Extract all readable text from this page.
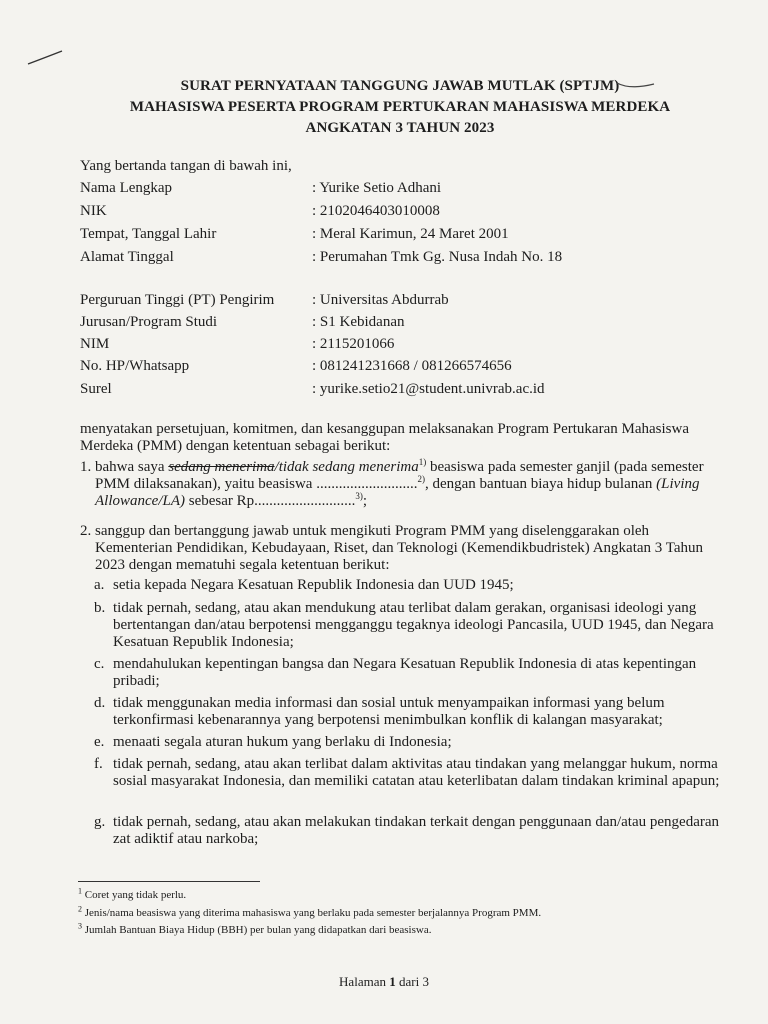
SURAT PERNYATAAN TANGGUNG JAWAB MUTLAK (SPTJM)
MAHASISWA PESERTA PROGRAM PERTUKARAN MAHASISWA MERDEKA
ANGKATAN 3 TAHUN 2023
Yang bertanda tangan di bawah ini,
Nama Lengkap	: Yurike Setio Adhani
NIK	: 2102046403010008
Tempat, Tanggal Lahir	: Meral Karimun, 24 Maret 2001
Alamat Tinggal	: Perumahan Tmk Gg. Nusa Indah No. 18
Perguruan Tinggi (PT) Pengirim	: Universitas Abdurrab
Jurusan/Program Studi	: S1 Kebidanan
NIM	: 2115201066
No. HP/Whatsapp	: 081241231668 / 081266574656
Surel	: yurike.setio21@student.univrab.ac.id
menyatakan persetujuan, komitmen, dan kesanggupan melaksanakan Program Pertukaran Mahasiswa Merdeka (PMM) dengan ketentuan sebagai berikut:
1. bahwa saya sedang menerima/tidak sedang menerima$^{1)}$ beasiswa pada semester ganjil (pada semester PMM dilaksanakan), yaitu beasiswa ...........................$^{2)}$, dengan bantuan biaya hidup bulanan (Living Allowance/LA) sebesar Rp...........................$^{3)}$;
2. sanggup dan bertanggung jawab untuk mengikuti Program PMM yang diselenggarakan oleh Kementerian Pendidikan, Kebudayaan, Riset, dan Teknologi (Kemendikbudristek) Angkatan 3 Tahun 2023 dengan mematuhi segala ketentuan berikut:
a. setia kepada Negara Kesatuan Republik Indonesia dan UUD 1945;
b. tidak pernah, sedang, atau akan mendukung atau terlibat dalam gerakan, organisasi ideologi yang bertentangan dan/atau berpotensi mengganggu tegaknya ideologi Pancasila, UUD 1945, dan Negara Kesatuan Republik Indonesia;
c. mendahulukan kepentingan bangsa dan Negara Kesatuan Republik Indonesia di atas kepentingan pribadi;
d. tidak menggunakan media informasi dan sosial untuk menyampaikan informasi yang belum terkonfirmasi kebenarannya yang berpotensi menimbulkan konflik di kalangan masyarakat;
e. menaati segala aturan hukum yang berlaku di Indonesia;
f. tidak pernah, sedang, atau akan terlibat dalam aktivitas atau tindakan yang melanggar hukum, norma sosial masyarakat Indonesia, dan memiliki catatan atau keterlibatan dalam tindakan kriminal apapun;
g. tidak pernah, sedang, atau akan melakukan tindakan terkait dengan penggunaan dan/atau pengedaran zat adiktif atau narkoba;
$^1$ Coret yang tidak perlu.
$^2$ Jenis/nama beasiswa yang diterima mahasiswa yang berlaku pada semester berjalannya Program PMM.
$^3$ Jumlah Bantuan Biaya Hidup (BBH) per bulan yang didapatkan dari beasiswa.
Halaman 1 dari 3
